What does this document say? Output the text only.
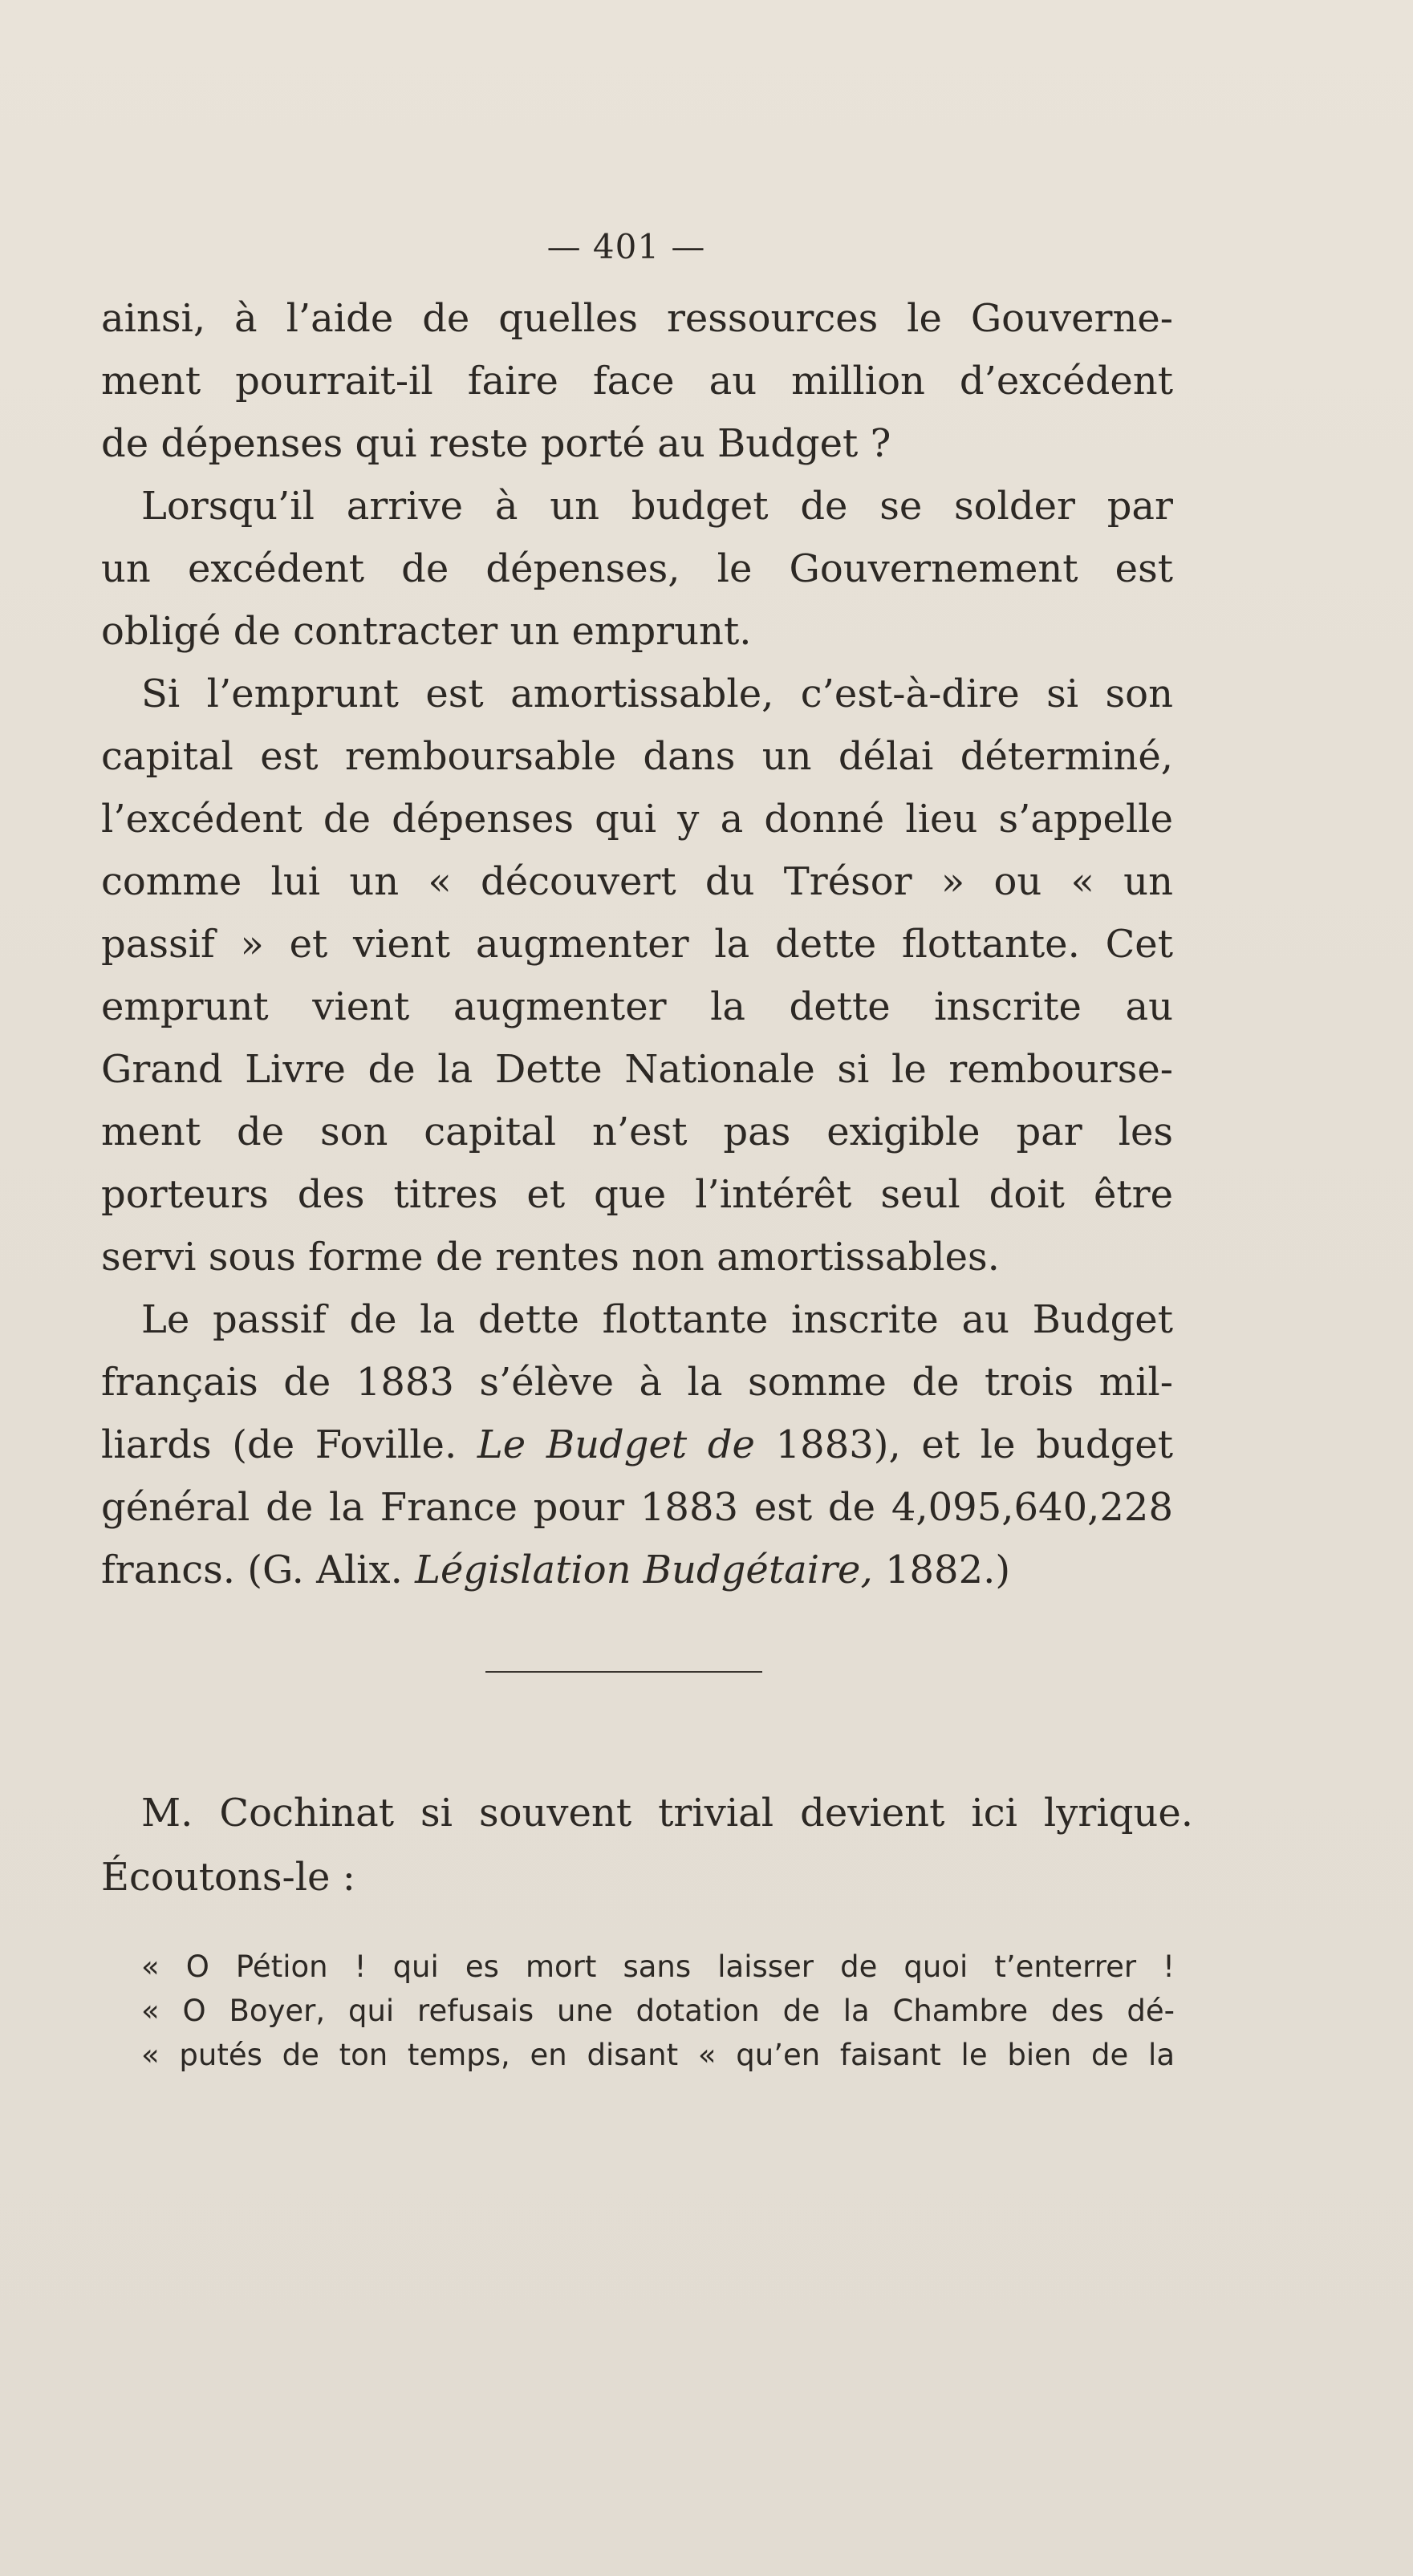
— 401 —
ainsi, à l’aide de quelles ressources le Gouverne-
ment pourrait-il faire face au million d’excédent
de dépenses qui reste porté au Budget ?
Lorsqu’il arrive à un budget de se solder par
un excédent de dépenses, le Gouvernement est
obligé de contracter un emprunt.
Si l’emprunt est amortissable, c’est-à-dire si son
capital est remboursable dans un délai déterminé,
l’excédent de dépenses qui y a donné lieu s’appelle
comme lui un « découvert du Trésor » ou « un
passif » et vient augmenter la dette flottante. Cet
emprunt vient augmenter la dette inscrite au
Grand Livre de la Dette Nationale si le rembourse-
ment de son capital n’est pas exigible par les
porteurs des titres et que l’intérêt seul doit être
servi sous forme de rentes non amortissables.
Le passif de la dette flottante inscrite au Budget
français de 1883 s’élève à la somme de trois mil-
liards (de Foville. Le Budget de 1883), et le budget
général de la France pour 1883 est de 4,095,640,228
francs. (G. Alix. Législation Budgétaire, 1882.)
M. Cochinat si souvent trivial devient ici lyrique.
Écoutons-le :
« O Pétion ! qui es mort sans laisser de quoi t’enterrer !
« O Boyer, qui refusais une dotation de la Chambre des dé-
« putés de ton temps, en disant « qu’en faisant le bien de la
